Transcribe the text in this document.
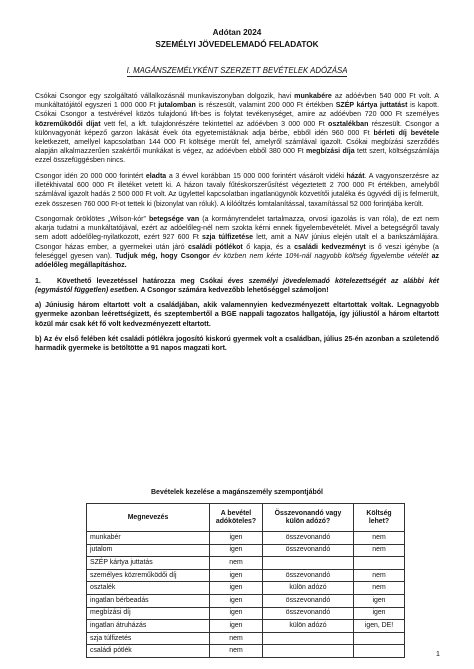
Adótan 2024
SZEMÉLYI JÖVEDELEMADÓ FELADATOK
I. MAGÁNSZEMÉLYKÉNT SZERZETT BEVÉTELEK ADÓZÁSA

Csókai Csongor egy szolgáltató vállalkozásnál munkaviszonyban dolgozik, havi munkabére az adóévben 540 000 Ft volt. A munkáltatójától egyszeri 1 000 000 Ft jutalomban is részesült, valamint 200 000 Ft értékben SZÉP kártya juttatást is kapott. Csókai Csongor a testvérével közös tulajdonú lift-bes is folytat tevékenységet, amire az adóévben 720 000 Ft személyes közreműködői díjat vett fel, a kft. tulajdonrészére tekintettel az adóévben 3 000 000 Ft osztalékban részesült. Csongor a különvagyonát képező garzon lakását évek óta egyetemistáknak adja bérbe, ebből idén 960 000 Ft bérleti díj bevétele keletkezett, amellyel kapcsolatban 144 000 Ft költsége merült fel, amelyről számlával igazolt. Csókai megbízási szerződés alapján alkalmazzerűen szakértői munkákat is végez, az adóévben ebből 380 000 Ft megbízási díja tett szert, költségszámlája ezzel összefüggésben nincs.

Csongor idén 20 000 000 forintért eladta a 3 évvel korábban 15 000 000 forintért vásárolt vidéki házát. A vagyonszerzésre az illetékhivatal 600 000 Ft illetéket vetett ki. A házon tavaly fűtéskorszerűsítést végeztetett 2 700 000 Ft értékben, amelyből számlával igazolt hadás 2 500 000 Ft volt. Az ügylettel kapcsolatban ingatlanügynök közvetítői jutaléka és ügyvédi díj is felmerült, ezek összesen 760 000 Ft-ot tettek ki (bizonylat van róluk). A kilóóltzés lomtalanítással, taxamítással 52 000 forintjába került.

Csongornak öröklötes „Wilson-kór” betegsége van (a kormányrendelet tartalmazza, orvosi igazolás is van róla), de ezt nem akarja tudatni a munkáltatójával, ezért az adóelőleg-nél nem szokta kérni ennek figyelembevételét. Mivel a betegségről tavaly sem adott adóelőleg-nyilatkozott, ezért 927 600 Ft szja túlfizetése lett, amit a NAV június elején utalt el a bankszámlájára. Csongor házas ember, a gyermekei után járó családi pótlékot ő kapja, és a családi kedvezményt is ő veszi igénybe (a feleséggel gyesen van). Tudjuk még, hogy Csongor év közben nem kérte 10%-nál nagyobb költség figyelembe vételét az adóelőleg megállapításhoz.

1. Követhető levezetéssel határozza meg Csókai éves személyi jövedelemadó kötelezettségét az alábbi két (egymástól független) esetben. A Csongor számára kedvezőbb lehetőséggel számoljon!

a) Júniusig három eltartott volt a családjában, akik valamennyien kedvezményezett eltartottak voltak. Legnagyobb gyermeke azonban leérettségizett, és szeptembertől a BGE nappali tagozatos hallgatója, így júliustól a három eltartott közül már csak két fő volt kedvezményezett eltartott.

b) Az év első felében két családi pótlékra jogosító kiskorú gyermek volt a családban, július 25-én azonban a születendő harmadik gyermeke is betöltötte a 91 napos magzati kort.

Bevételek kezelése a magánszemély szempontjából
Megnevezés	A bevétel adóköteles?	Összevonandó vagy külön adózó?	Költség lehet?
munkabér	igen	összevonandó	nem
jutalom	igen	összevonandó	nem
SZÉP kártya juttatás	nem		
személyes közreműködői díj	igen	összevonandó	nem
osztalék	igen	külön adózó	nem
ingatlan bérbeadás	igen	összevonandó	igen
megbízási díj	igen	összevonandó	igen
ingatlan átruházás	igen	külön adózó	igen, DE!
szja túlfizetés	nem		
családi pótlék	nem		
1
